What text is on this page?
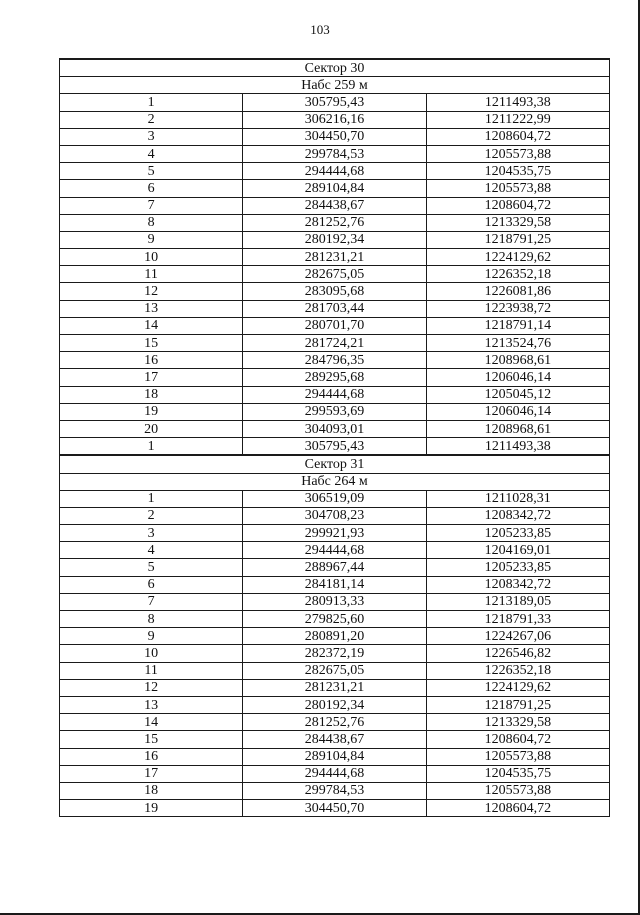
103
Сектор 30		
Набс 259 м		
1	305795,43	1211493,38
2	306216,16	1211222,99
3	304450,70	1208604,72
4	299784,53	1205573,88
5	294444,68	1204535,75
6	289104,84	1205573,88
7	284438,67	1208604,72
8	281252,76	1213329,58
9	280192,34	1218791,25
10	281231,21	1224129,62
11	282675,05	1226352,18
12	283095,68	1226081,86
13	281703,44	1223938,72
14	280701,70	1218791,14
15	281724,21	1213524,76
16	284796,35	1208968,61
17	289295,68	1206046,14
18	294444,68	1205045,12
19	299593,69	1206046,14
20	304093,01	1208968,61
1	305795,43	1211493,38
Сектор 31		
Набс 264 м		
1	306519,09	1211028,31
2	304708,23	1208342,72
3	299921,93	1205233,85
4	294444,68	1204169,01
5	288967,44	1205233,85
6	284181,14	1208342,72
7	280913,33	1213189,05
8	279825,60	1218791,33
9	280891,20	1224267,06
10	282372,19	1226546,82
11	282675,05	1226352,18
12	281231,21	1224129,62
13	280192,34	1218791,25
14	281252,76	1213329,58
15	284438,67	1208604,72
16	289104,84	1205573,88
17	294444,68	1204535,75
18	299784,53	1205573,88
19	304450,70	1208604,72
